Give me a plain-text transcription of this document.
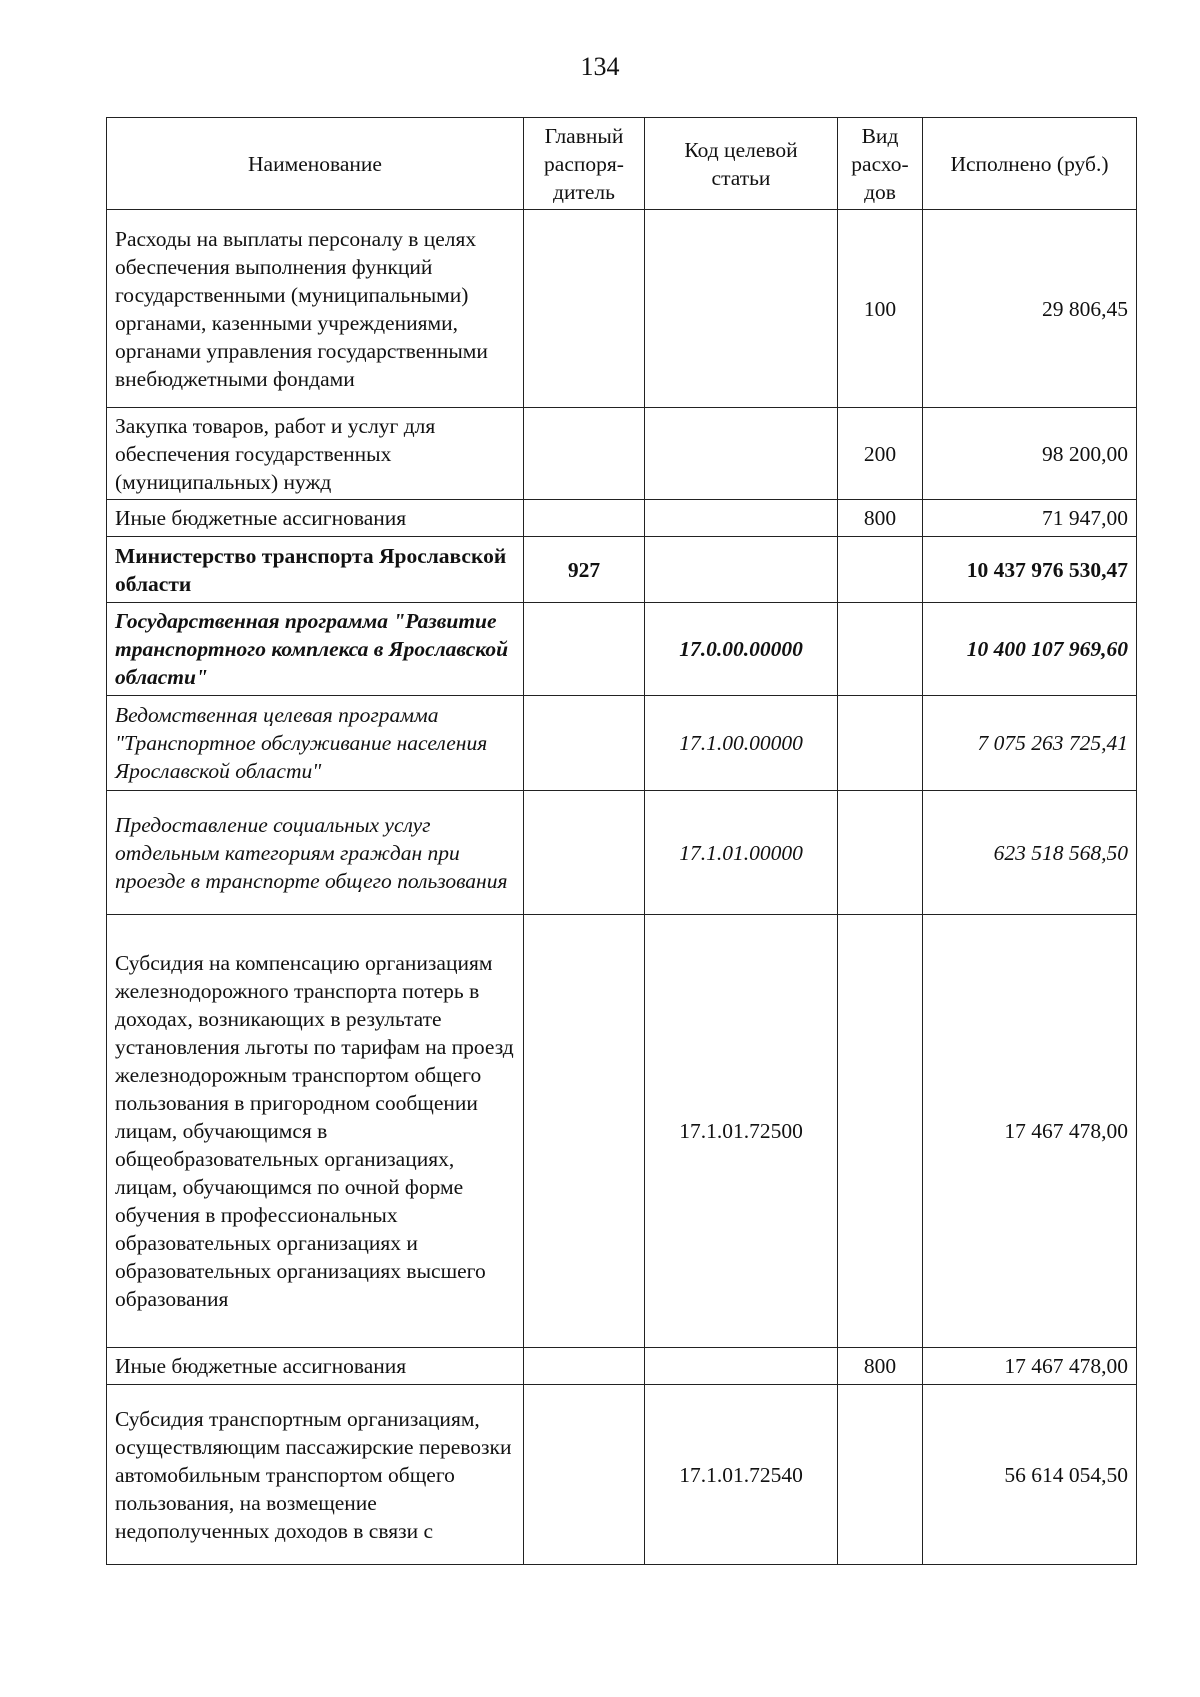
134
Наименование	Главный распоря-дитель	Код целевой статьи	Вид расхо-дов	Исполнено (руб.)
Расходы на выплаты персоналу в целях обеспечения выполнения функций государственными (муниципальными) органами, казенными учреждениями, органами управления государственными внебюджетными фондами			100	29 806,45
Закупка товаров, работ и услуг для обеспечения государственных (муниципальных) нужд			200	98 200,00
Иные бюджетные ассигнования			800	71 947,00
Министерство транспорта Ярославской области	927			10 437 976 530,47
Государственная программа "Развитие транспортного комплекса в Ярославской области"		17.0.00.00000		10 400 107 969,60
Ведомственная целевая программа "Транспортное обслуживание населения Ярославской области"		17.1.00.00000		7 075 263 725,41
Предоставление социальных услуг отдельным категориям граждан при проезде в транспорте общего пользования		17.1.01.00000		623 518 568,50
Субсидия на компенсацию организациям железнодорожного транспорта потерь в доходах, возникающих в результате установления льготы по тарифам на проезд железнодорожным транспортом общего пользования в пригородном сообщении лицам, обучающимся в общеобразовательных организациях, лицам, обучающимся по очной форме обучения в профессиональных образовательных организациях и образовательных организациях высшего образования		17.1.01.72500		17 467 478,00
Иные бюджетные ассигнования			800	17 467 478,00
Субсидия транспортным организациям, осуществляющим пассажирские перевозки автомобильным транспортом общего пользования, на возмещение недополученных доходов в связи с		17.1.01.72540		56 614 054,50
